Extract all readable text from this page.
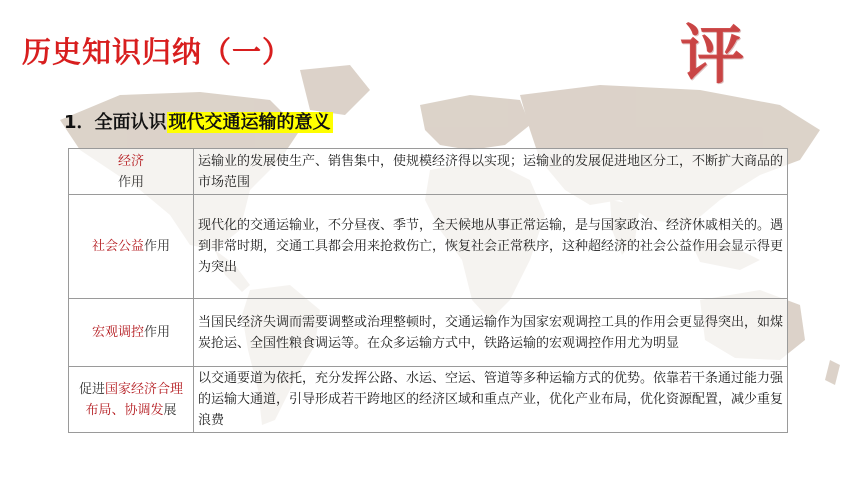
历史知识归纳（一）	评
1．全面认识 现代交通运输的意义
经济
作用	运输业的发展使生产、销售集中，使规模经济得以实现；运输业的发展促进地区分工，不断扩大商品的市场范围
社会公益作用	现代化的交通运输业，不分昼夜、季节，全天候地从事正常运输，是与国家政治、经济休戚相关的。遇到非常时期，交通工具都会用来抢救伤亡，恢复社会正常秩序，这种超经济的社会公益作用会显示得更为突出
宏观调控作用	当国民经济失调而需要调整或治理整顿时，交通运输作为国家宏观调控工具的作用会更显得突出，如煤炭抢运、全国性粮食调运等。在众多运输方式中，铁路运输的宏观调控作用尤为明显
促进国家经济合理布局、协调发展	以交通要道为依托，充分发挥公路、水运、空运、管道等多种运输方式的优势。依靠若干条通过能力强的运输大通道，引导形成若干跨地区的经济区域和重点产业，优化产业布局，优化资源配置，减少重复浪费
